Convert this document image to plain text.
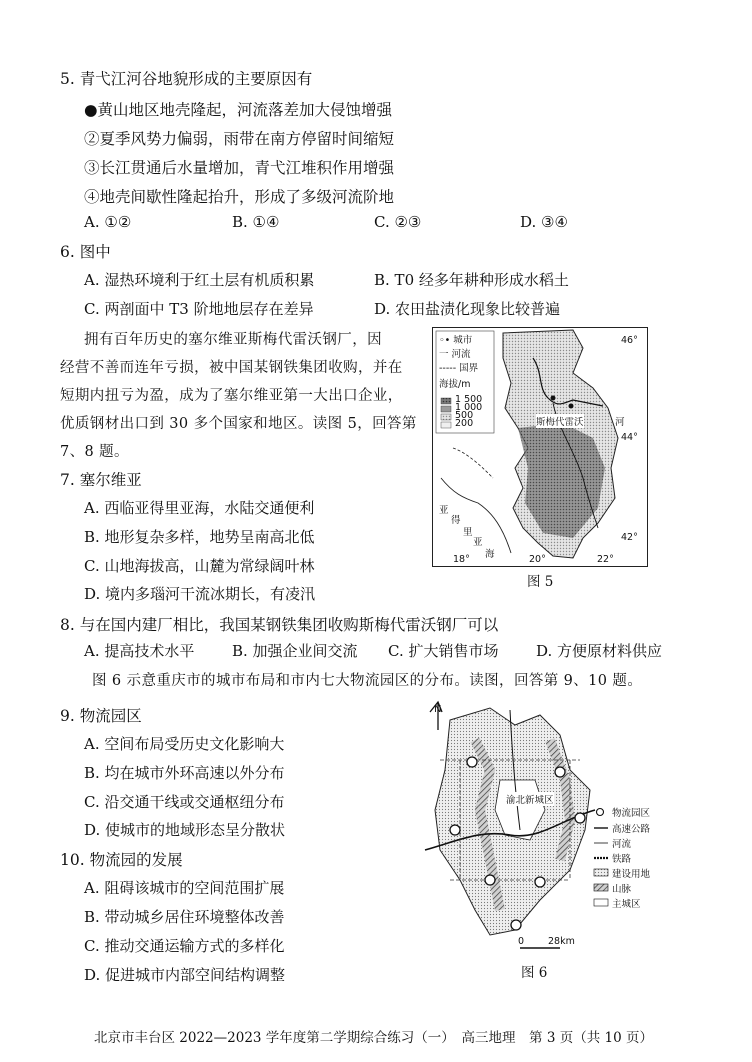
5. 青弋江河谷地貌形成的主要原因有
●黄山地区地壳隆起，河流落差加大侵蚀增强
②夏季风势力偏弱，雨带在南方停留时间缩短
③长江贯通后水量增加，青弋江堆积作用增强
④地壳间歇性隆起抬升，形成了多级河流阶地
A. ①②	B. ①④	C. ②③	D. ③④
6. 图中
A. 湿热环境利于红土层有机质积累	B. T0 经多年耕种形成水稻土
C. 两剖面中 T3 阶地地层存在差异	D. 农田盐渍化现象比较普遍
拥有百年历史的塞尔维亚斯梅代雷沃钢厂，因
经营不善而连年亏损，被中国某钢铁集团收购，并在
短期内扭亏为盈，成为了塞尔维亚第一大出口企业，
优质钢材出口到 30 多个国家和地区。读图 5，回答第
7、8 题。
7. 塞尔维亚
A. 西临亚得里亚海，水陆交通便利
B. 地形复杂多样，地势呈南高北低
C. 山地海拔高，山麓为常绿阔叶林
D. 境内多瑙河干流冰期长，有凌汛
◦• 城市
一 河流
----- 国界
海拔/m
1 500
1 000
500
200
46°
44°
42°
斯梅代雷沃	河
亚
得
里
亚
海
18°	20°	22°
图 5
8. 与在国内建厂相比，我国某钢铁集团收购斯梅代雷沃钢厂可以
A. 提高技术水平	B. 加强企业间交流 C. 扩大销售市场	D. 方便原材料供应
图 6 示意重庆市的城市布局和市内七大物流园区的分布。读图，回答第 9、10 题。
9. 物流园区
A. 空间布局受历史文化影响大
B. 均在城市外环高速以外分布
C. 沿交通干线或交通枢纽分布
D. 使城市的地域形态呈分散状
10. 物流园的发展
A. 阻碍该城市的空间范围扩展
B. 带动城乡居住环境整体改善
C. 推动交通运输方式的多样化
D. 促进城市内部空间结构调整
N
渝北新城区
物流园区
高速公路
河流
铁路
建设用地
山脉
主城区
0	28km
图 6
北京市丰台区 2022—2023 学年度第二学期综合练习（一）　高三地理　第 3 页（共 10 页）
